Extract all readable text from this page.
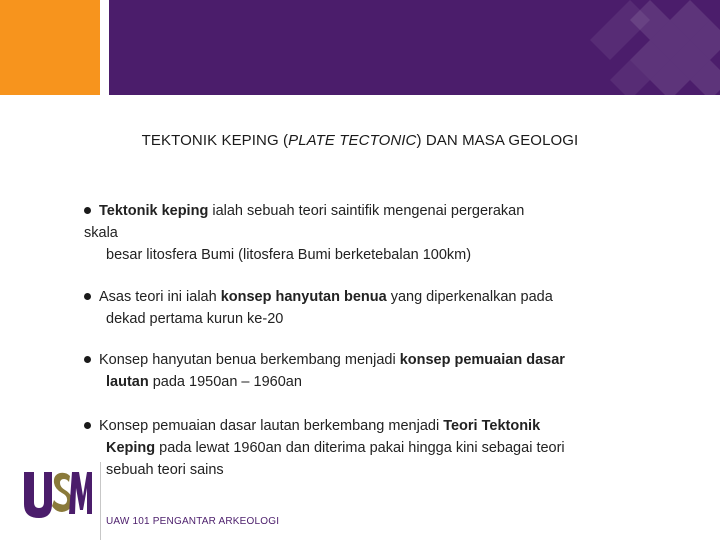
TEKTONIK KEPING (PLATE TECTONIC) DAN MASA GEOLOGI
Tektonik keping ialah sebuah teori saintifik mengenai pergerakan
skala
besar litosfera Bumi (litosfera Bumi berketebalan 100km)
Asas teori ini ialah konsep hanyutan benua yang diperkenalkan pada
dekad pertama kurun ke-20
Konsep hanyutan benua berkembang menjadi konsep pemuaian dasar
lautan pada 1950an – 1960an
Konsep pemuaian dasar lautan berkembang menjadi Teori Tektonik
Keping pada lewat 1960an dan diterima pakai hingga kini sebagai teori
sebuah teori sains
UAW 101 PENGANTAR ARKEOLOGI
